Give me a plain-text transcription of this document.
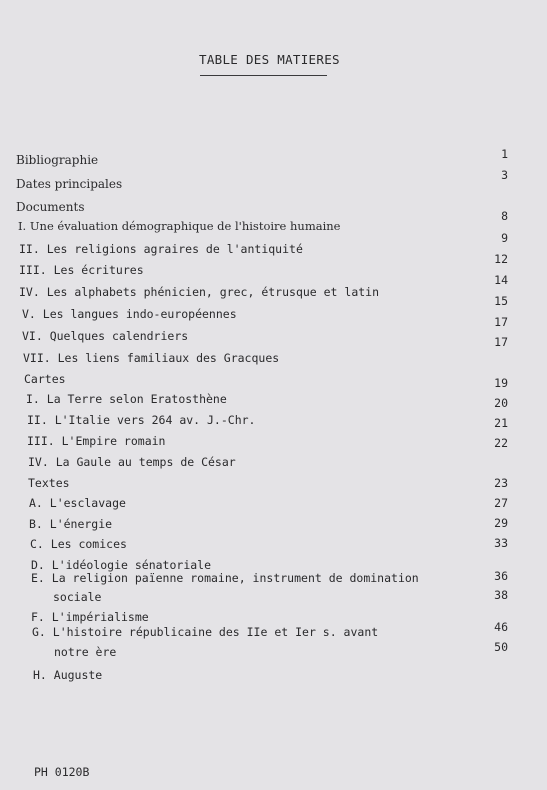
TABLE DES MATIERES
Bibliographie
Dates principales
Documents
I. Une évaluation démographique de l'histoire humaine
II. Les religions agraires de l'antiquité
III. Les écritures
IV. Les alphabets phénicien, grec, étrusque et latin
V. Les langues indo-européennes
VI. Quelques calendriers
VII. Les liens familiaux des Gracques
Cartes
I. La Terre selon Eratosthène
II. L'Italie vers 264 av. J.-Chr.
III. L'Empire romain
IV. La Gaule au temps de César
Textes
A. L'esclavage
B. L'énergie
C. Les comices
D. L'idéologie sénatoriale
E. La religion païenne romaine, instrument de domination
sociale
F. L'impérialisme
G. L'histoire républicaine des IIe et Ier s. avant
notre ère
H. Auguste
1
3
8
9
12
14
15
17
17
19
20
21
22
23
27
29
33
36
38
46
50
PH 0120B
